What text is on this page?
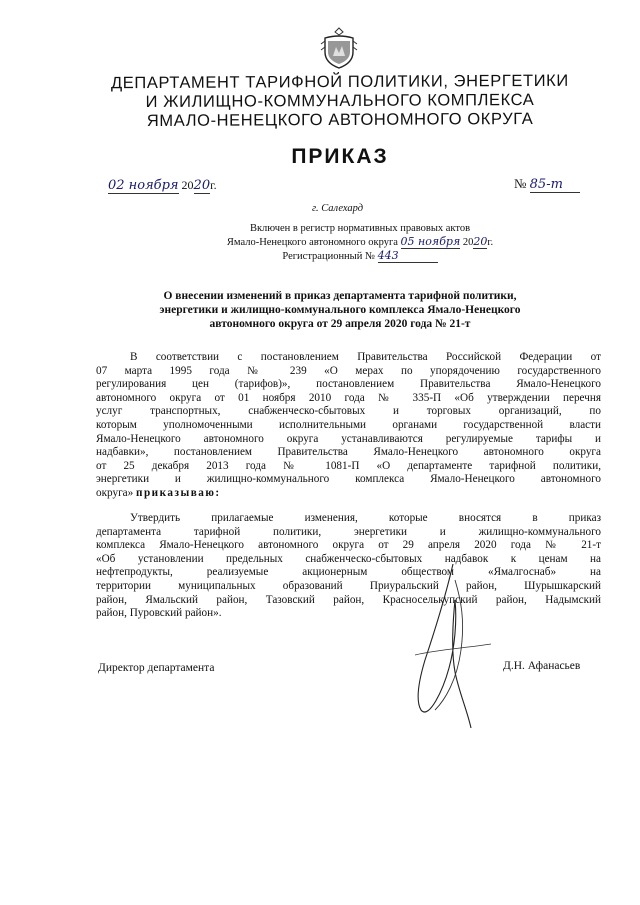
ДЕПАРТАМЕНТ ТАРИФНОЙ ПОЛИТИКИ, ЭНЕРГЕТИКИ
И ЖИЛИЩНО-КОММУНАЛЬНОГО КОМПЛЕКСА
ЯМАЛО-НЕНЕЦКОГО АВТОНОМНОГО ОКРУГА
ПРИКАЗ
02 ноября 2020г.	№ 85-т
г. Салехард
Включен в регистр нормативных правовых актов
Ямало-Ненецкого автономного округа 05 ноября 2020г.
Регистрационный № 443
О внесении изменений в приказ департамента тарифной политики,
энергетики и жилищно-коммунального комплекса Ямало-Ненецкого
автономного округа от 29 апреля 2020 года № 21-т
В соответствии с постановлением Правительства Российской Федерации от
07 марта 1995 года № 239 «О мерах по упорядочению государственного
регулирования цен (тарифов)», постановлением Правительства Ямало-Ненецкого
автономного округа от 01 ноября 2010 года № 335-П «Об утверждении перечня
услуг транспортных, снабженческо-сбытовых и торговых организаций, по
которым уполномоченными исполнительными органами государственной власти
Ямало-Ненецкого автономного округа устанавливаются регулируемые тарифы и
надбавки», постановлением Правительства Ямало-Ненецкого автономного округа
от 25 декабря 2013 года № 1081-П «О департаменте тарифной политики,
энергетики и жилищно-коммунального комплекса Ямало-Ненецкого автономного
округа» приказываю:
Утвердить прилагаемые изменения, которые вносятся в приказ
департамента тарифной политики, энергетики и жилищно-коммунального
комплекса Ямало-Ненецкого автономного округа от 29 апреля 2020 года № 21-т
«Об установлении предельных снабженческо-сбытовых надбавок к ценам на
нефтепродукты, реализуемые акционерным обществом «Ямалгоснаб» на
территории муниципальных образований Приуральский район, Шурышкарский
район, Ямальский район, Тазовский район, Красноселькупский район, Надымский
район, Пуровский район».
Директор департамента	Д.Н. Афанасьев
